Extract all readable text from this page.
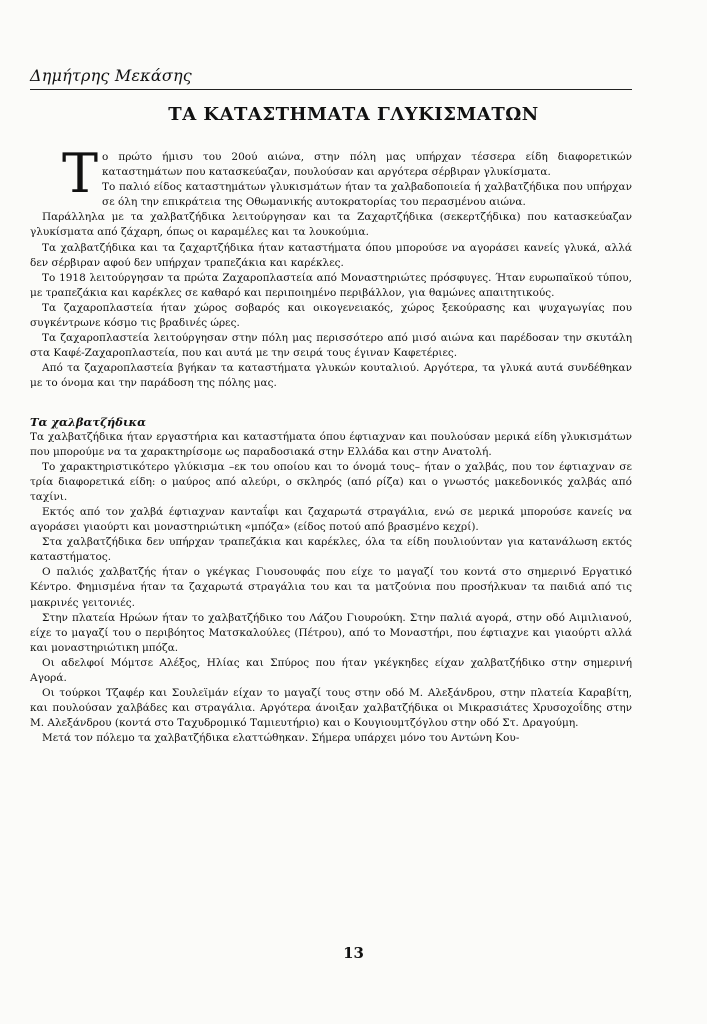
Δημήτρης Μεκάσης
ΤΑ ΚΑΤΑΣΤΗΜΑΤΑ ΓΛΥΚΙΣΜΑΤΩΝ
Το πρώτο ήμισυ του 20ού αιώνα, στην πόλη μας υπήρχαν τέσσερα είδη διαφορετικών καταστημάτων που κατασκεύαζαν, πουλούσαν και αργότερα σέρβιραν γλυκίσματα.

Το παλιό είδος καταστημάτων γλυκισμάτων ήταν τα χαλβαδοποιεία ή χαλβατζήδικα που υπήρχαν σε όλη την επικράτεια της Οθωμανικής αυτοκρατορίας του περασμένου αιώνα.

Παράλληλα με τα χαλβατζήδικα λειτούργησαν και τα Ζαχαρτζήδικα (σεκερτζήδικα) που κατασκεύαζαν γλυκίσματα από ζάχαρη, όπως οι καραμέλες και τα λουκούμια.

Τα χαλβατζήδικα και τα ζαχαρτζήδικα ήταν καταστήματα όπου μπορούσε να αγοράσει κανείς γλυκά, αλλά δεν σέρβιραν αφού δεν υπήρχαν τραπεζάκια και καρέκλες.

Το 1918 λειτούργησαν τα πρώτα Ζαχαροπλαστεία από Μοναστηριώτες πρόσφυγες. Ήταν ευρωπαϊκού τύπου, με τραπεζάκια και καρέκλες σε καθαρό και περιποιημένο περιβάλλον, για θαμώνες απαιτητικούς.

Τα ζαχαροπλαστεία ήταν χώρος σοβαρός και οικογενειακός, χώρος ξεκούρασης και ψυχαγωγίας που συγκέντρωνε κόσμο τις βραδινές ώρες.

Τα ζαχαροπλαστεία λειτούργησαν στην πόλη μας περισσότερο από μισό αιώνα και παρέδοσαν την σκυτάλη στα Καφέ-Ζαχαροπλαστεία, που και αυτά με την σειρά τους έγιναν Καφετέριες.

Από τα ζαχαροπλαστεία βγήκαν τα καταστήματα γλυκών κουταλιού. Αργότερα, τα γλυκά αυτά συνδέθηκαν με το όνομα και την παράδοση της πόλης μας.

Τα χαλβατζήδικα

Τα χαλβατζήδικα ήταν εργαστήρια και καταστήματα όπου έφτιαχναν και πουλούσαν μερικά είδη γλυκισμάτων που μπορούμε να τα χαρακτηρίσομε ως παραδοσιακά στην Ελλάδα και στην Ανατολή.

Το χαρακτηριστικότερο γλύκισμα –εκ του οποίου και το όνομά τους– ήταν ο χαλβάς, που τον έφτιαχναν σε τρία διαφορετικά είδη: ο μαύρος από αλεύρι, ο σκληρός (από ρίζα) και ο γνωστός μακεδονικός χαλβάς από ταχίνι.

Εκτός από τον χαλβά έφτιαχναν κανταΐφι και ζαχαρωτά στραγάλια, ενώ σε μερικά μπορούσε κανείς να αγοράσει γιαούρτι και μοναστηριώτικη «μπόζα» (είδος ποτού από βρασμένο κεχρί).

Στα χαλβατζήδικα δεν υπήρχαν τραπεζάκια και καρέκλες, όλα τα είδη πουλιούνταν για κατανάλωση εκτός καταστήματος.

Ο παλιός χαλβατζής ήταν ο γκέγκας Γιουσουφάς που είχε το μαγαζί του κοντά στο σημερινό Εργατικό Κέντρο. Φημισμένα ήταν τα ζαχαρωτά στραγάλια του και τα ματζούνια που προσήλκυαν τα παιδιά από τις μακρινές γειτονιές.

Στην πλατεία Ηρώων ήταν το χαλβατζήδικο του Λάζου Γιουρούκη. Στην παλιά αγορά, στην οδό Αιμιλιανού, είχε το μαγαζί του ο περιβόητος Ματσκαλούλες (Πέτρου), από το Μοναστήρι, που έφτιαχνε και γιαούρτι αλλά και μοναστηριώτικη μπόζα.

Οι αδελφοί Μόμτσε Αλέξος, Ηλίας και Σπύρος που ήταν γκέγκηδες είχαν χαλβατζήδικο στην σημερινή Αγορά.

Οι τούρκοι Τζαφέρ και Σουλεϊμάν είχαν το μαγαζί τους στην οδό Μ. Αλεξάνδρου, στην πλατεία Καραβίτη, και πουλούσαν χαλβάδες και στραγάλια. Αργότερα άνοιξαν χαλβατζήδικα οι Μικρασιάτες Χρυσοχοΐδης στην Μ. Αλεξάνδρου (κοντά στο Ταχυδρομικό Ταμιευτήριο) και ο Κουγιουμτζόγλου στην οδό Στ. Δραγούμη.

Μετά τον πόλεμο τα χαλβατζήδικα ελαττώθηκαν. Σήμερα υπάρχει μόνο του Αντώνη Κου-

13
